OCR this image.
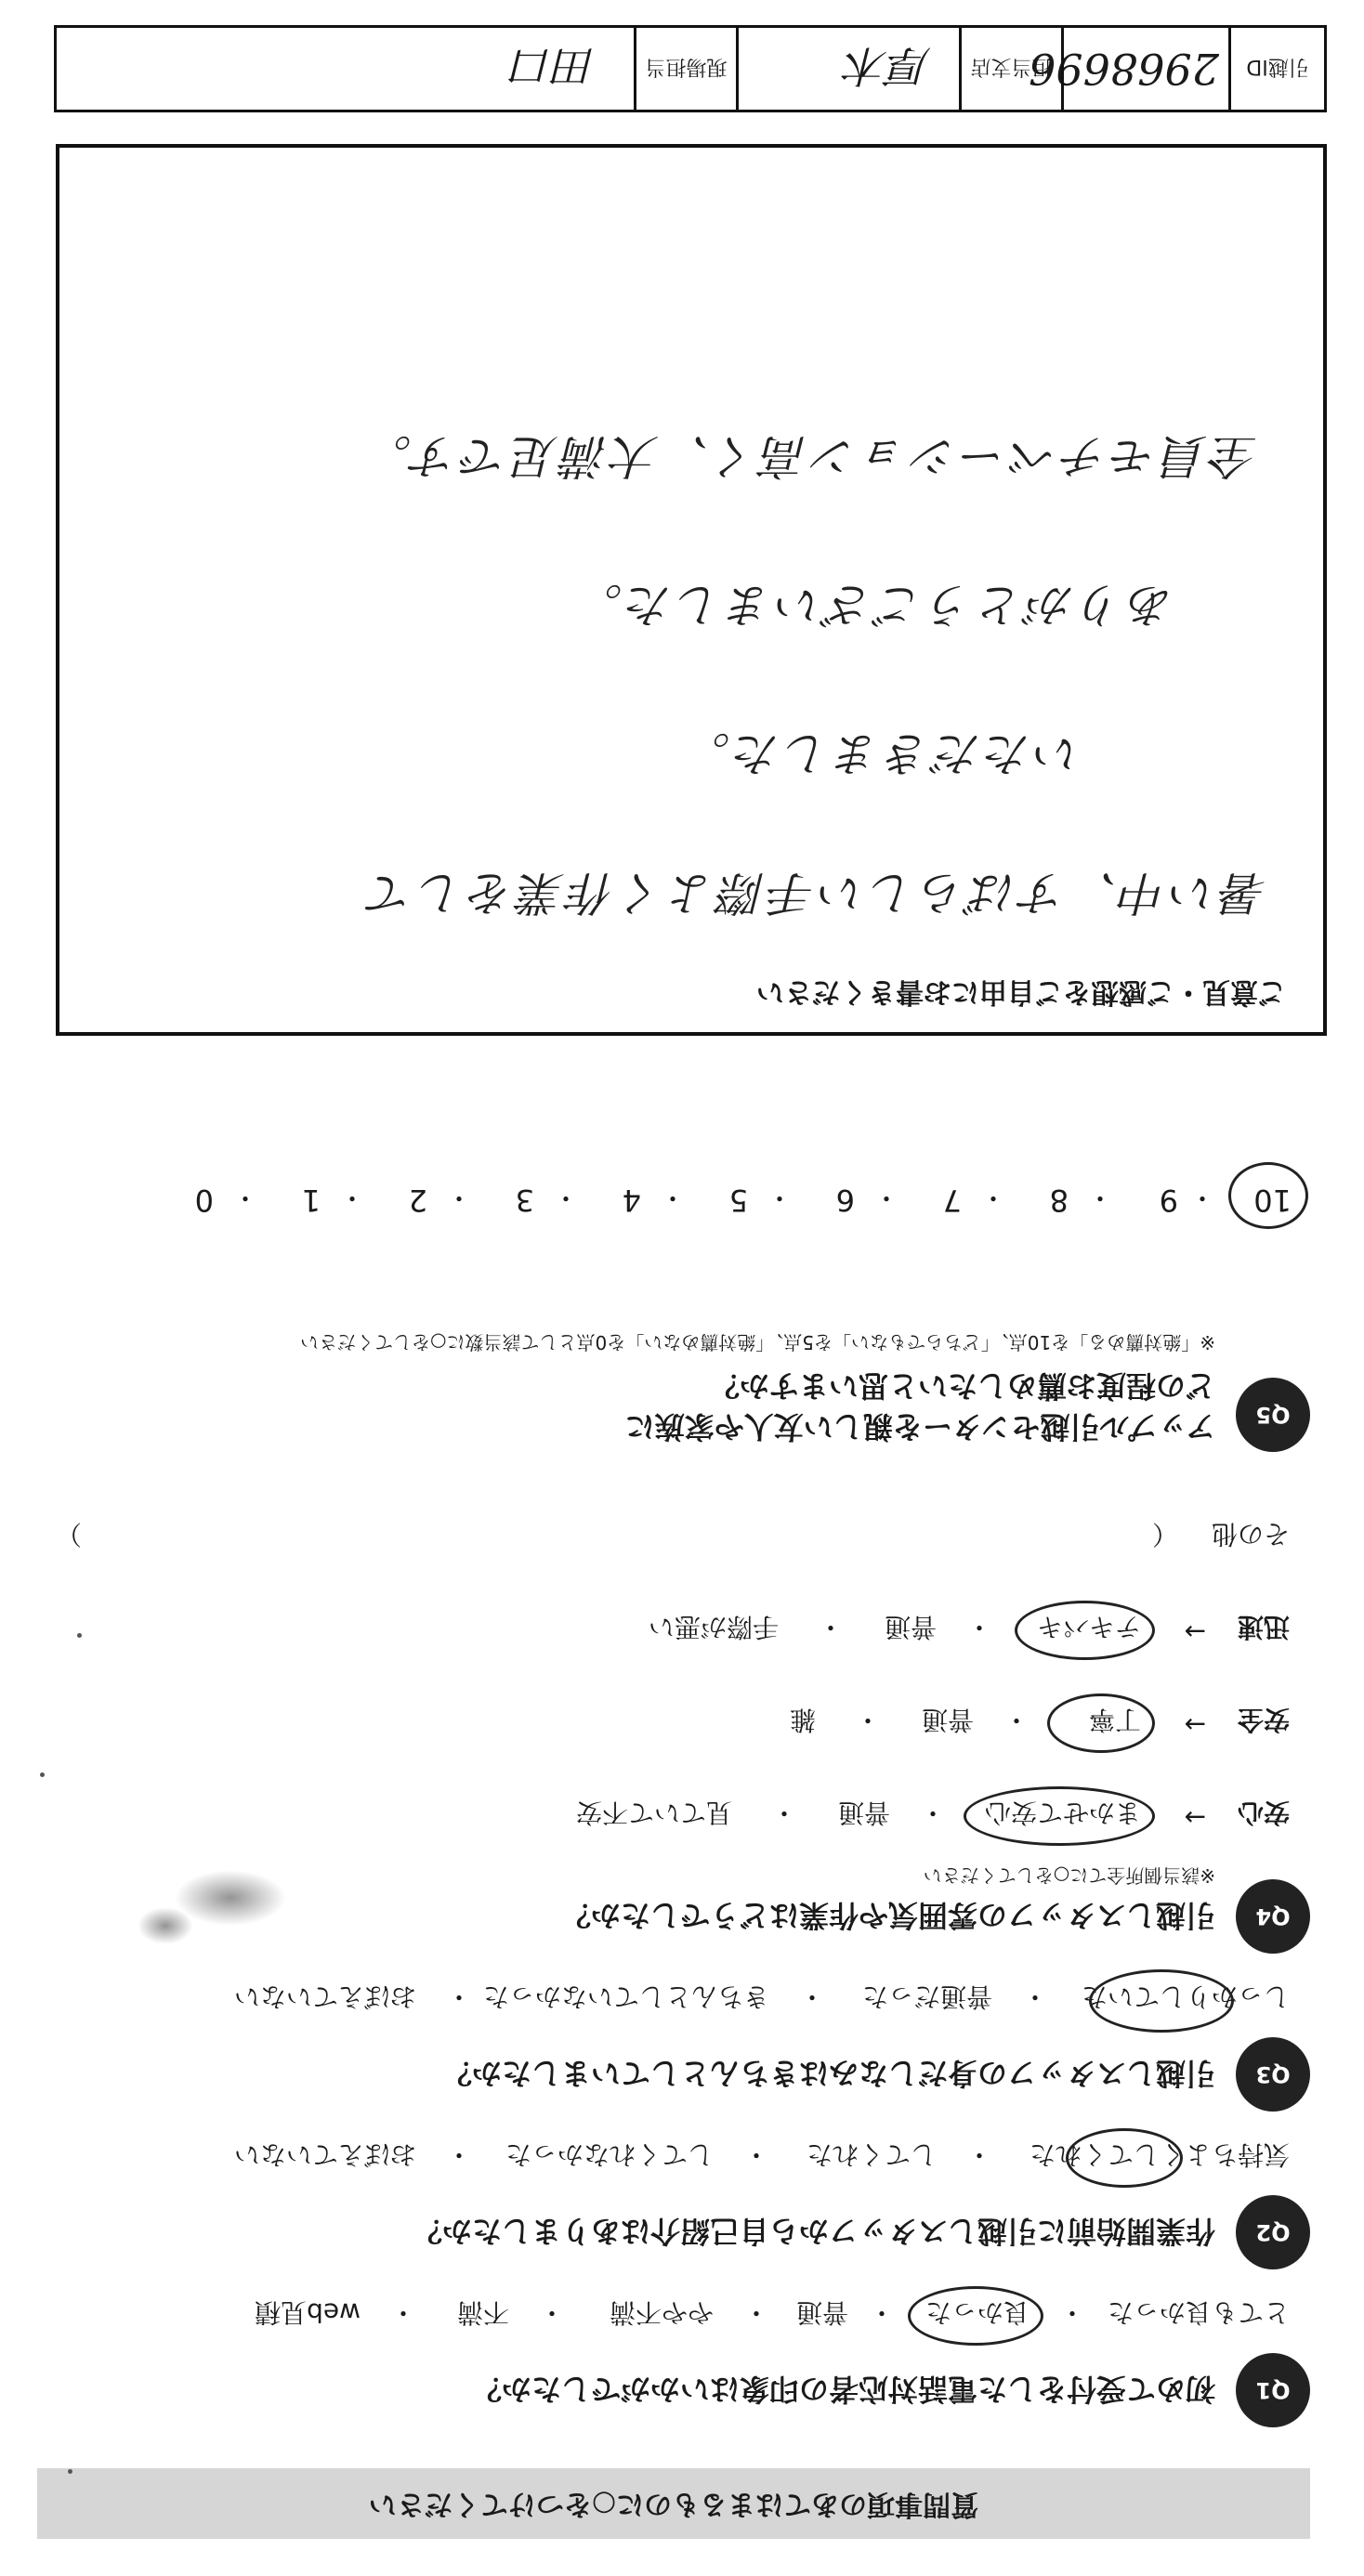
質問事項のあてはまるものに○をつけてください
Q1
初めて受付をした電話対応者の印象はいかがでしたか？
とても良かった
・
良かった
・
普通
・
やや不満
・
不満
・
web見積
Q2
作業開始前に引越しスタッフから自己紹介はありましたか？
気持ちよくしてくれた
・
してくれた
・
してくれなかった
・
おぼえていない
Q3
引越しスタッフの身だしなみはきちんとしていましたか？
しっかりしていた
・
普通だった
・
きちんとしていなかった
・
おぼえていない
Q4
引越しスタッフの雰囲気や作業はどうでしたか？
※該当個所全てに○をしてください
安心
→
まかせて安心
・
普通
・
見ていて不安
安全
→
丁寧
・
普通
・
雑
迅速
→
テキパキ
・
普通
・
手際が悪い
その他
（
）
Q5
アップル引越センターを親しい友人や家族に
どの程度お薦めしたいと思いますか？
※「絶対薦める」を10点、「どちらでもない」を5点、「絶対薦めない」を0点として該当数に○をしてください
10
・
9
・
8
・
7
・
6
・
5
・
4
・
3
・
2
・
1
・
0
ご意見・ご感想をご自由にお書きください
暑い中、すばらしい手際よく作業をして
いただきました。
ありがとうございました。
全員モチベーション高く、大満足です。
引越ID
2968696
担当支店
厚木
現場担当
田口
